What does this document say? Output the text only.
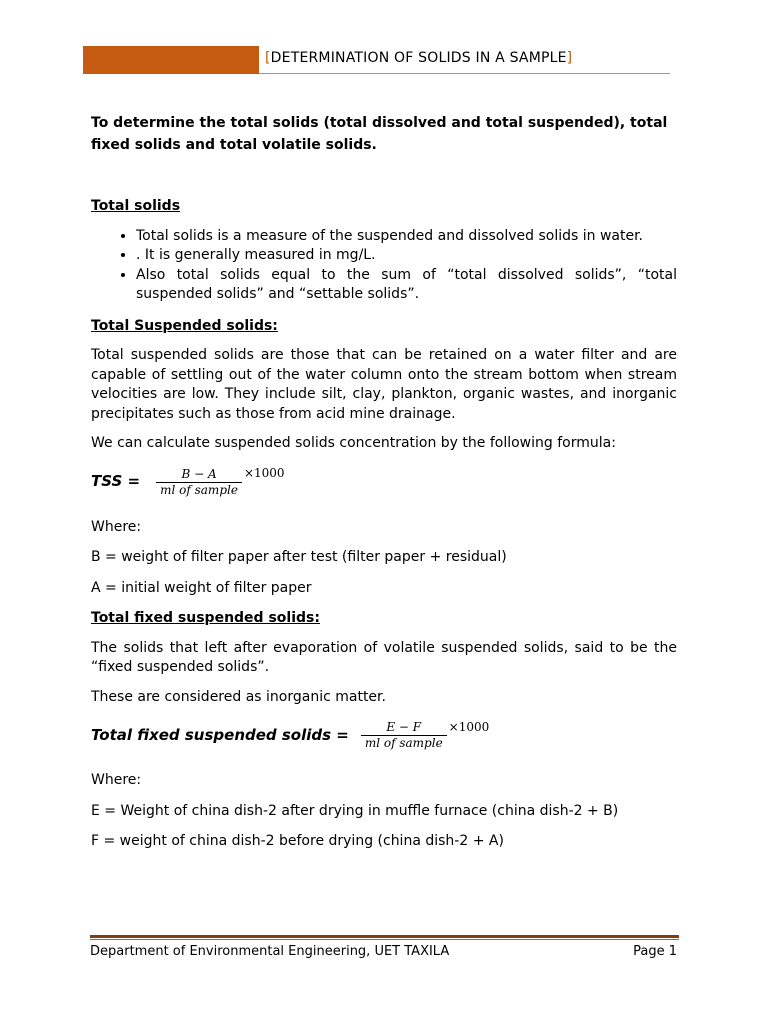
[DETERMINATION OF SOLIDS IN A SAMPLE]

To determine the total solids (total dissolved and total suspended), total fixed solids and total volatile solids.

Total solids
• Total solids is a measure of the suspended and dissolved solids in water.
• . It is generally measured in mg/L.
• Also total solids equal to the sum of “total dissolved solids”, “total suspended solids” and “settable solids”.
Total Suspended solids:

Total suspended solids are those that can be retained on a water filter and are capable of settling out of the water column onto the stream bottom when stream velocities are low. They include silt, clay, plankton, organic wastes, and inorganic precipitates such as those from acid mine drainage.

We can calculate suspended solids concentration by the following formula:

TSS = $\frac{B - A}{\text{ml of sample}} \times 1000$

Where:

B = weight of filter paper after test (filter paper + residual)

A = initial weight of filter paper

Total fixed suspended solids:

The solids that left after evaporation of volatile suspended solids, said to be the “fixed suspended solids”.

These are considered as inorganic matter.

Total fixed suspended solids = $\frac{E - F}{\text{ml of sample}} \times 1000$

Where:

E = Weight of china dish-2 after drying in muffle furnace (china dish-2 + B)

F = weight of china dish-2 before drying (china dish-2 + A)

Department of Environmental Engineering, UET TAXILA	Page 1
